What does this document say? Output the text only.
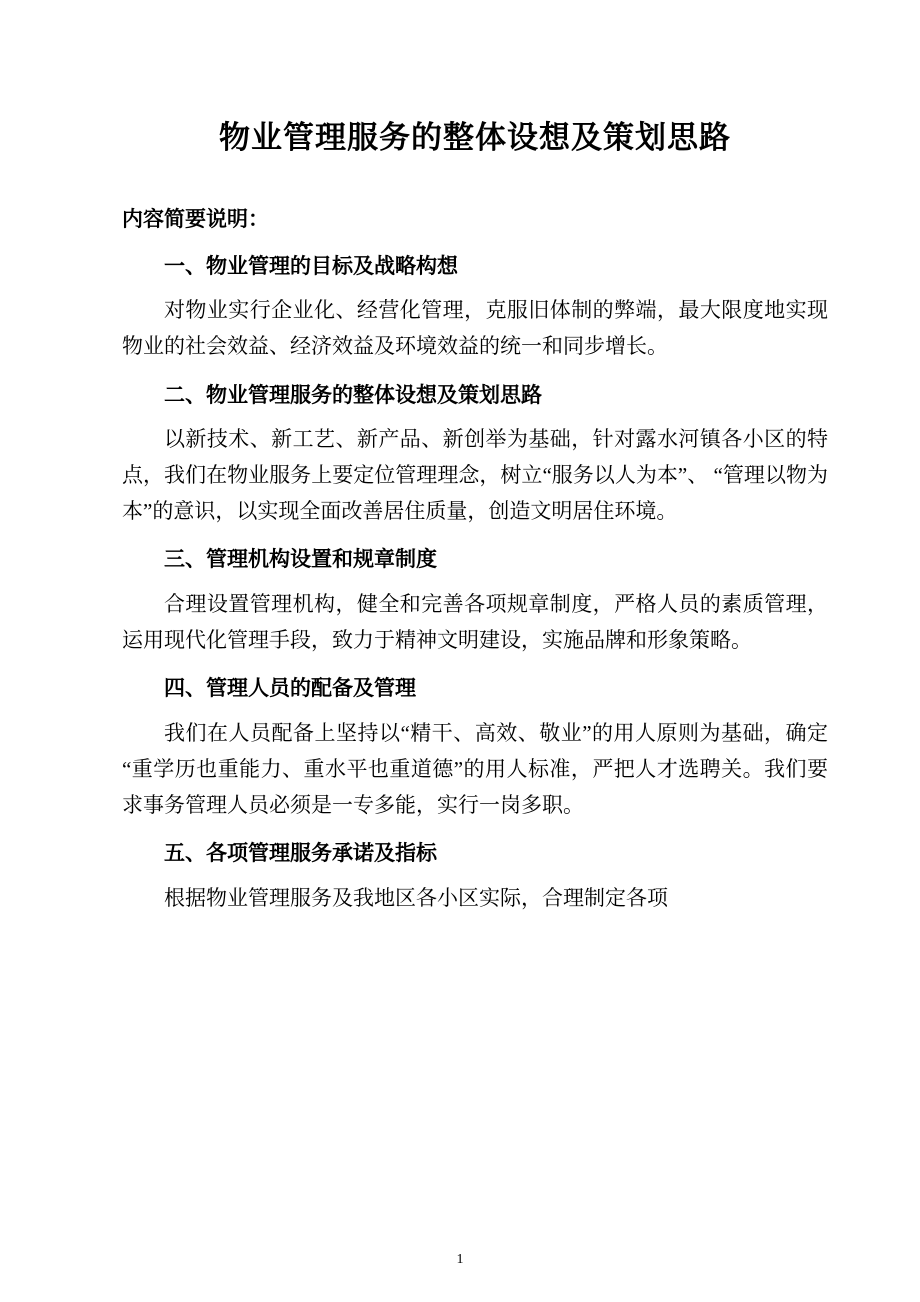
物业管理服务的整体设想及策划思路

内容简要说明：

一、物业管理的目标及战略构想

对物业实行企业化、经营化管理，克服旧体制的弊端，最大限度地实现物业的社会效益、经济效益及环境效益的统一和同步增长。

二、物业管理服务的整体设想及策划思路

以新技术、新工艺、新产品、新创举为基础，针对露水河镇各小区的特点，我们在物业服务上要定位管理理念，树立“服务以人为本”、 “管理以物为本”的意识，以实现全面改善居住质量，创造文明居住环境。

三、管理机构设置和规章制度

合理设置管理机构，健全和完善各项规章制度，严格人员的素质管理，运用现代化管理手段，致力于精神文明建设，实施品牌和形象策略。

四、管理人员的配备及管理

我们在人员配备上坚持以“精干、高效、敬业”的用人原则为基础，确定“重学历也重能力、重水平也重道德”的用人标准，严把人才选聘关。我们要求事务管理人员必须是一专多能，实行一岗多职。

五、各项管理服务承诺及指标

根据物业管理服务及我地区各小区实际，合理制定各项

1
